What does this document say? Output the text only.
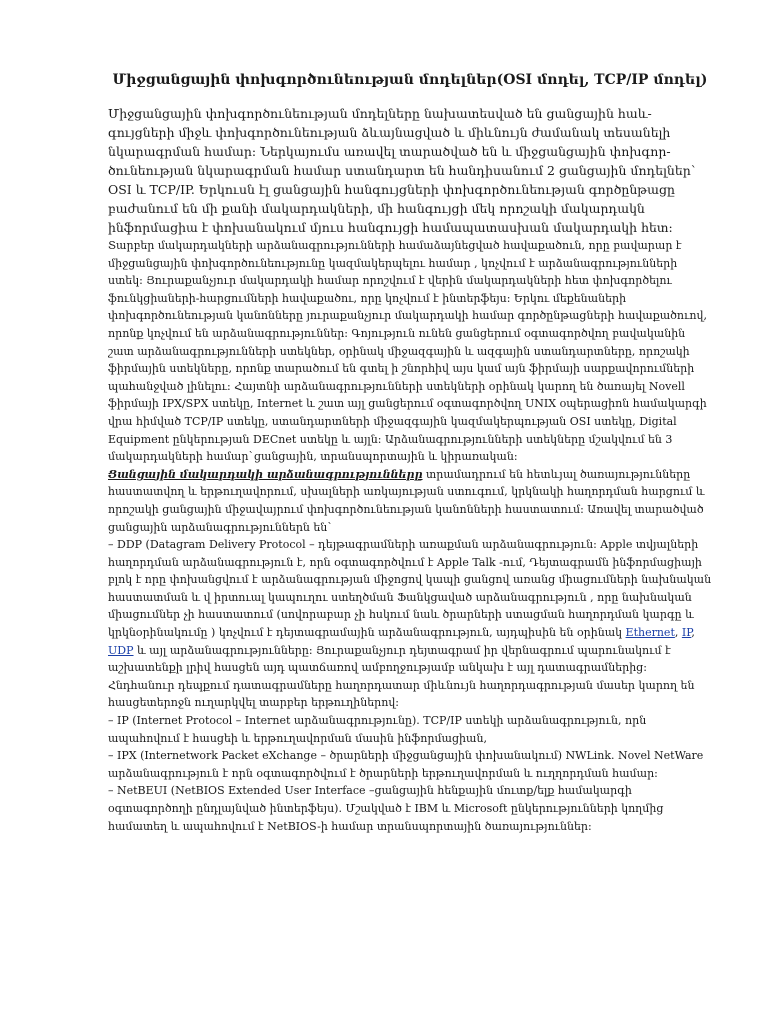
Միջցանցային փոխգործունեության մոդելներ(OSI մոդել, TCP/IP մոդել)

Միջցանցային փոխգործունեության մոդելները նախատեսված են ցանցային հաև-գույցների միջև փոխգործունեության ձևայնացված և միևնույն ժամանակ տեսանելի նկարագրման համար: Ներկայումս առավել տարածված են և միջցանցային փոխգոր-ծունեության նկարագրման համար ստանդարտ են հանդիսանում 2 ցանցային մոդելներ` OSI և TCP/IP. Երկուսն էլ ցանցային հանգույցների փոխգործունեության գործընթացը բաժանում են մի քանի մակարդակների, մի հանգույցի մեկ որոշակի մակարդակն ինֆորմացիա է փոխանակում մյուս հանգույցի համապատասխան մակարդակի հետ:

Տարբեր մակարդակների արձանագրությունների համաձայնեցված հավաքածուն, որը բավարար է միջցանցային փոխգործունեությունը կազմակերպելու համար , կոչվում է արձանագրությունների ստեկ: Յուրաքանչյուր մակարդակի համար որոշվում է վերին մակարդակների հետ փոխգործելու ֆունկցիաների-հարցումների հավաքածու, որը կոչվում է ինտերֆեյս: Երկու մեքենաների փոխգործունեության կանոնները յուրաքանչյուր մակարդակի համար գործընթացների հավաքածուով, որոնք կոչվում են արձանագրություններ: Գոյություն ունեն ցանցերում օգտագործվող բավականին շատ արձանագրությունների ստեկներ, օրինակ միջազգային և ազգային ստանդարտները, որոշակի ֆիրմային ստեկները, որոնք տարածում են գտել ի շնորհիվ այս կամ այն ֆիրմայի սարքավորումների պահանջված լինելու: Հայտնի արձանագրությունների ստեկների օրինակ կարող են ծառայել Novell ֆիրմայի IPX/SPX ստեկը, Internet և շատ այլ ցանցերում օգտագործվող UNIX օպերացիոն համակարգի վրա հիմված TCP/IP ստեկը, ստանդարտների միջազգային կազմակերպության OSI ստեկը, Digital Equipment ընկերության DECnet ստեկը և այլն: Արձանագրությունների ստեկները մշակվում են 3 մակարդակների համար`ցանցային, տրանսպորտային և կիրառական:

Ցանցային մակարդակի արձանագրությունները տրամադրում են հետևյալ ծառայությունները հաստատվող և երթուղավորում, սխալների առկայության ստուգում, կրկնակի հաղորդման հարցում և որոշակի ցանցային միջավայրում փոխգործունեության կանոնների հաստատում: Առավել տարածված ցանցային արձանագրություններն են`

– DDP (Datagram Delivery Protocol – դեյթագրամների առաքման արձանագրություն: Apple տվյալների հաղորդման արձանագրություն է, որն օգտագործվում է Apple Talk -ում, Դեյտագրամն ինֆորմացիայի բլոկ է որը փոխանցվում է արձանագրության միջոցով կապի ցանցով առանց միացումների նախնական հաստատման և վ իրտուալ կապուղու ստեղծման Ֆանկցաված արձանագրություն , որը նախնական միացումներ չի հաստատում (սովորաբար չի հսկում նաև ծրարների ստացման հաղորդման կարգը և կրկնօրինակումը ) կոչվում է դեյտագրամային արձանագրություն, այդպիսին են օրինակ Ethernet, IP, UDP և այլ արձանագրությունները: Յուրաքանչյուր դեյտագրամ իր վերնագրում պարունակում է աշխատենքի լրիվ հասցեն այդ պատճառով ամբողջությամբ անկախ է այլ դատագրամներից: Հնդհանուր դեպքում դատագրամները հաղորդատար միևնույն հաղորդագրության մասեր կարող են հասցետերոջն ուղարկվել տարբեր երթուղիներով:

– IP (Internet Protocol – Internet արձանագրությունը). TCP/IP ստեկի արձանագրություն, որն ապահովում է հասցեի և երթուղավորման մասին ինֆորմացիան,

– IPX (Internetwork Packet eXchange – ծրարների միջցանցային փոխանակում) NWLink. Novel NetWare արձանագրություն է որն օգտագործվում է ծրարների երթուղավորման և ուղղորդման համար:

– NetBEUI (NetBIOS Extended User Interface –ցանցային հենքային մուտք/ելք համակարգի օգտագործողի ընդլայնված ինտերֆեյս). Մշակված է IBM և Microsoft ընկերությունների կողմից համատեղ և ապահովում է NetBIOS-ի համար տրանսպորտային ծառայություններ:
